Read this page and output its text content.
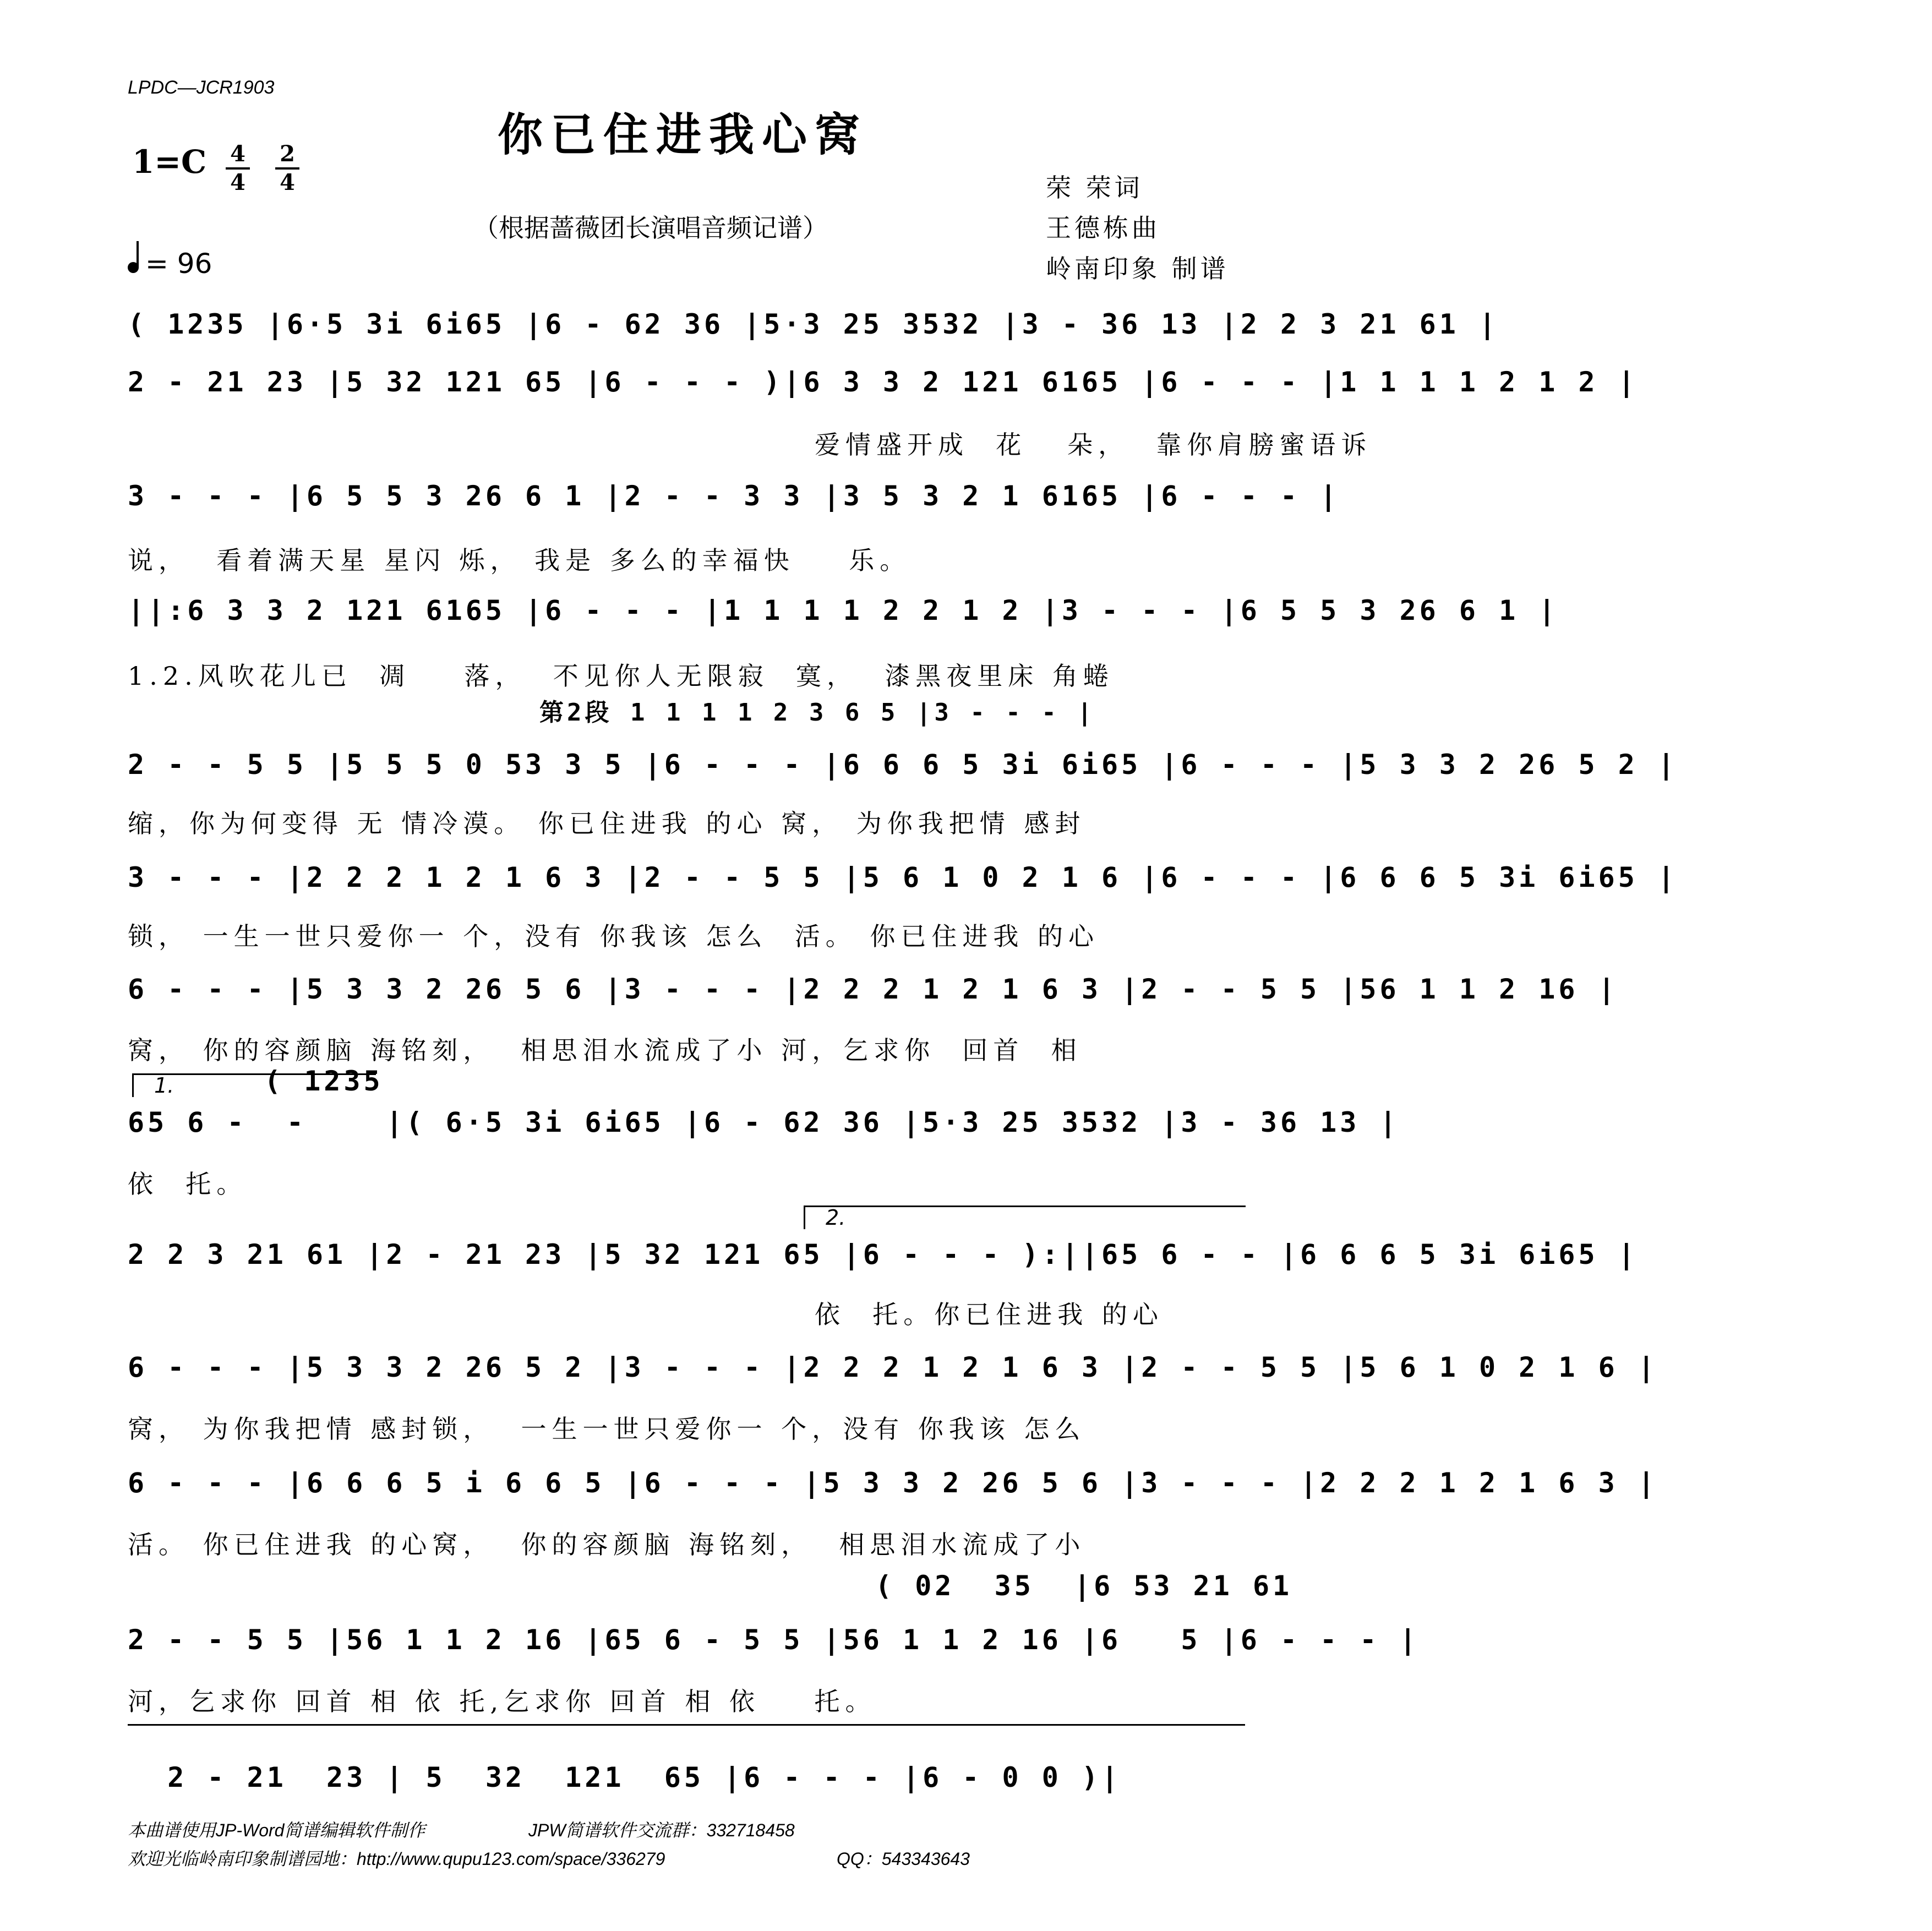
LPDC—JCR1903
你已住进我心窝
1=C 4
4
2
4
= 96
（根据蔷薇团长演唱音频记谱）
荣 荣词
王德栋曲
岭南印象 制谱
( 1235 |6·5 3i 6i65 |6 - 62 36 |5·3 25 3532 |3 - 36 13 |2 2 3 21 61 |
2 - 21 23 |5 32 121 65 |6 - - - )|6 3 3 2 121 6165 |6 - - - |1 1 1 1 2 1 2 |
爱情盛开成  花   朵，  靠你肩膀蜜语诉
3 - - - |6 5 5 3 26 6 1 |2 - - 3 3 |3 5 3 2 1 6165 |6 - - - |
说，  看着满天星 星闪 烁， 我是 多么的幸福快    乐。
||:6 3 3 2 121 6165 |6 - - - |1 1 1 1 2 2 1 2 |3 - - - |6 5 5 3 26 6 1 |
1.2.风吹花儿已  凋    落，  不见你人无限寂  寞，  漆黑夜里床 角蜷
第2段 1 1 1 1 2 3 6 5 |3 - - - |
2 - - 5 5 |5 5 5 0 53 3 5 |6 - - - |6 6 6 5 3i 6i65 |6 - - - |5 3 3 2 26 5 2 |
缩，你为何变得 无 情冷漠。 你已住进我 的心 窝， 为你我把情 感封
3 - - - |2 2 2 1 2 1 6 3 |2 - - 5 5 |5 6 1 0 2 1 6 |6 - - - |6 6 6 5 3i 6i65 |
锁， 一生一世只爱你一 个，没有 你我该 怎么  活。 你已住进我 的心
6 - - - |5 3 3 2 26 5 6 |3 - - - |2 2 2 1 2 1 6 3 |2 - - 5 5 |56 1 1 2 16 |
窝， 你的容颜脑 海铭刻，  相思泪水流成了小 河，乞求你  回首  相
1.	( 1235
65 6 -  -    |( 6·5 3i 6i65 |6 - 62 36 |5·3 25 3532 |3 - 36 13 |
依  托。
2.
2 2 3 21 61 |2 - 21 23 |5 32 121 65 |6 - - - ):||65 6 - - |6 6 6 5 3i 6i65 |
依  托。你已住进我 的心
6 - - - |5 3 3 2 26 5 2 |3 - - - |2 2 2 1 2 1 6 3 |2 - - 5 5 |5 6 1 0 2 1 6 |
窝， 为你我把情 感封锁，  一生一世只爱你一 个，没有 你我该 怎么
6 - - - |6 6 6 5 i 6 6 5 |6 - - - |5 3 3 2 26 5 6 |3 - - - |2 2 2 1 2 1 6 3 |
活。 你已住进我 的心窝，  你的容颜脑 海铭刻，  相思泪水流成了小
( 02  35  |6 53 21 61
2 - - 5 5 |56 1 1 2 16 |65 6 - 5 5 |56 1 1 2 16 |6   5 |6 - - - |
河，乞求你 回首 相 依 托,乞求你 回首 相 依    托。
2 - 21  23 | 5  32  121  65 |6 - - - |6 - 0 0 )|
本曲谱使用JP-Word简谱编辑软件制作	JPW简谱软件交流群：332718458
欢迎光临岭南印象制谱园地：http://www.qupu123.com/space/336279	QQ：543343643
